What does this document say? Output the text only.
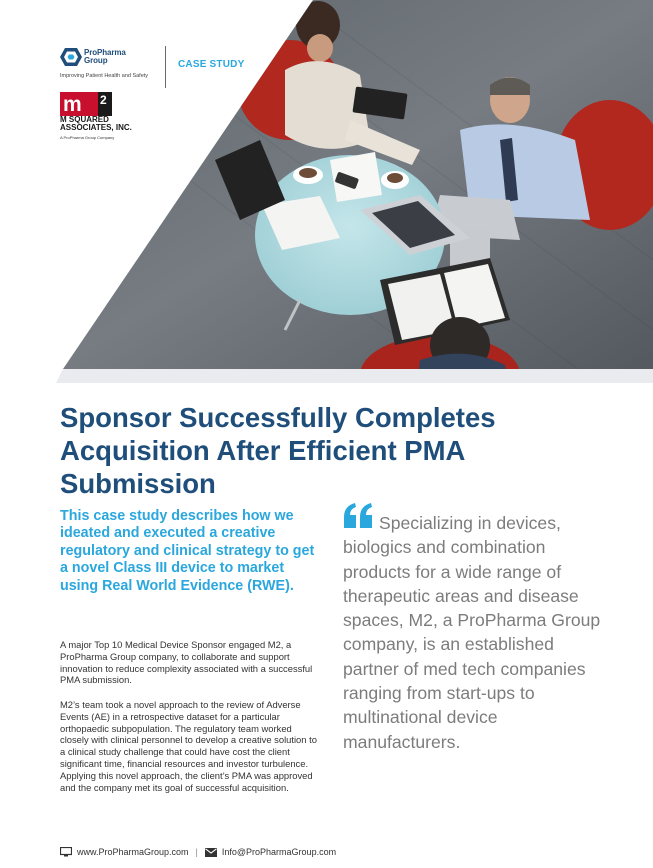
ProPharma
Group
Improving Patient Health and Safety
CASE STUDY
m 2
M SQUARED
ASSOCIATES, INC.
A ProPharma Group Company
Sponsor Successfully Completes Acquisition After Efficient PMA Submission

This case study describes how we ideated and executed a creative regulatory and clinical strategy to get a novel Class III device to market using Real World Evidence (RWE).

A major Top 10 Medical Device Sponsor engaged M2, a ProPharma Group company, to collaborate and support innovation to reduce complexity associated with a successful PMA submission.

M2’s team took a novel approach to the review of Adverse Events (AE) in a retrospective dataset for a particular orthopaedic subpopulation. The regulatory team worked closely with clinical personnel to develop a creative solution to a clinical study challenge that could have cost the client significant time, financial resources and investor turbulence. Applying this novel approach, the client’s PMA was approved and the company met its goal of successful acquisition.

Specializing in devices, biologics and combination products for a wide range of therapeutic areas and disease spaces, M2, a ProPharma Group company, is an established partner of med tech companies ranging from start-ups to multinational device manufacturers.

www.ProPharmaGroup.com |	Info@ProPharmaGroup.com
